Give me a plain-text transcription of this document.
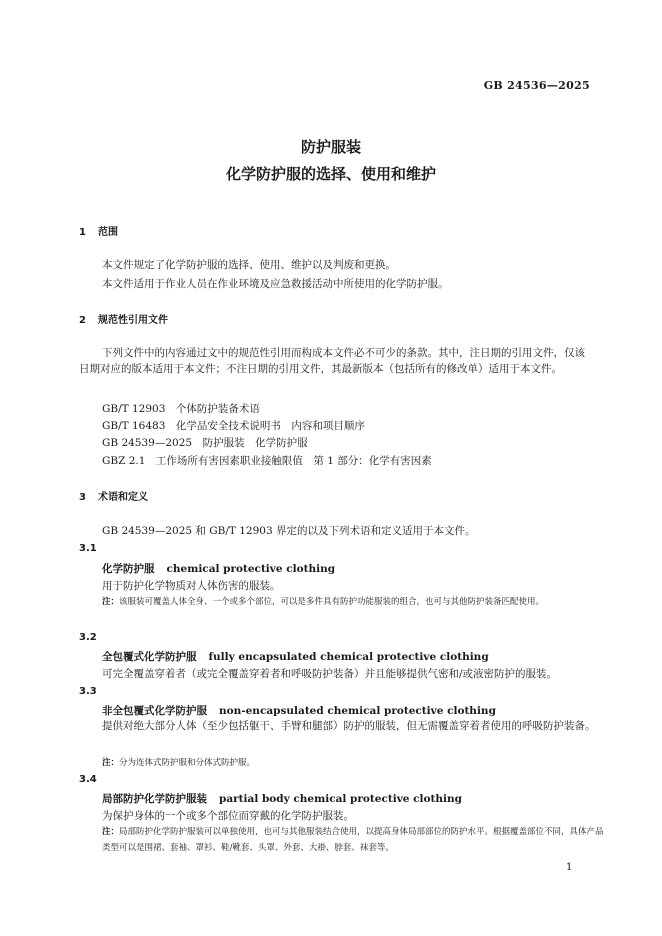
GB 24536—2025
防护服装
化学防护服的选择、使用和维护
1 范围
本文件规定了化学防护服的选择、使用、维护以及判废和更换。
本文件适用于作业人员在作业环境及应急救援活动中所使用的化学防护服。
2 规范性引用文件
下列文件中的内容通过文中的规范性引用而构成本文件必不可少的条款。其中，注日期的引用文件，仅该日期对应的版本适用于本文件；不注日期的引用文件，其最新版本（包括所有的修改单）适用于本文件。
GB/T 12903　个体防护装备术语
GB/T 16483　化学品安全技术说明书　内容和项目顺序
GB 24539—2025　防护服装　化学防护服
GBZ 2.1　工作场所有害因素职业接触限值　第 1 部分：化学有害因素
3 术语和定义
GB 24539—2025 和 GB/T 12903 界定的以及下列术语和定义适用于本文件。
3.1
化学防护服 chemical protective clothing
用于防护化学物质对人体伤害的服装。
注：该服装可覆盖人体全身、一个或多个部位，可以是多件具有防护功能服装的组合，也可与其他防护装备匹配使用。
3.2
全包覆式化学防护服 fully encapsulated chemical protective clothing
可完全覆盖穿着者（或完全覆盖穿着者和呼吸防护装备）并且能够提供气密和/或液密防护的服装。
3.3
非全包覆式化学防护服 non-encapsulated chemical protective clothing
提供对绝大部分人体（至少包括躯干、手臂和腿部）防护的服装，但无需覆盖穿着者使用的呼吸防护装备。
注：分为连体式防护服和分体式防护服。
3.4
局部防护化学防护服装 partial body chemical protective clothing
为保护身体的一个或多个部位而穿戴的化学防护服装。
注：局部防护化学防护服装可以单独使用，也可与其他服装结合使用，以提高身体局部部位的防护水平。根据覆盖部位不同，具体产品类型可以是围裙、套袖、罩衫、鞋/靴套、头罩、外套、大褂、脖套、袜套等。
1
